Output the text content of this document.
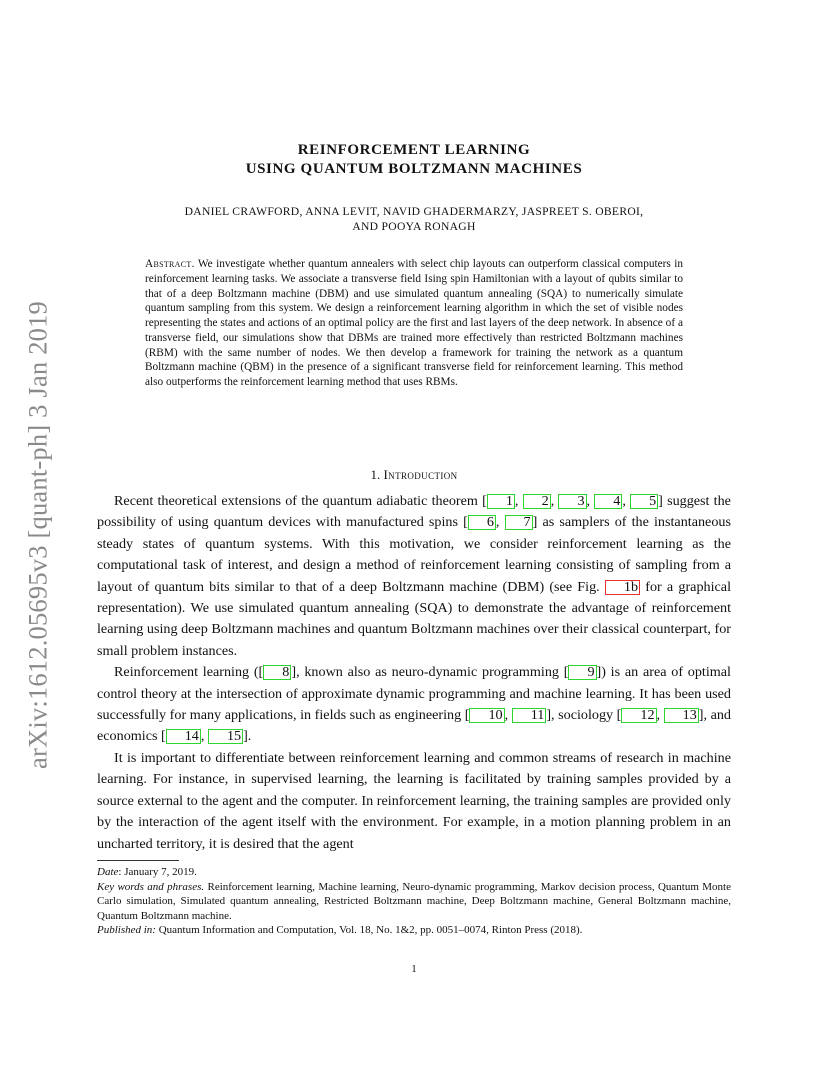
arXiv:1612.05695v3 [quant-ph] 3 Jan 2019
REINFORCEMENT LEARNING
USING QUANTUM BOLTZMANN MACHINES
DANIEL CRAWFORD, ANNA LEVIT, NAVID GHADERMARZY, JASPREET S. OBEROI,
AND POOYA RONAGH
Abstract. We investigate whether quantum annealers with select chip layouts can outperform classical computers in reinforcement learning tasks. We associate a transverse field Ising spin Hamiltonian with a layout of qubits similar to that of a deep Boltzmann machine (DBM) and use simulated quantum annealing (SQA) to numerically simulate quantum sampling from this system. We design a reinforcement learning algorithm in which the set of visible nodes representing the states and actions of an optimal policy are the first and last layers of the deep network. In absence of a transverse field, our simulations show that DBMs are trained more effectively than restricted Boltzmann machines (RBM) with the same number of nodes. We then develop a framework for training the network as a quantum Boltzmann machine (QBM) in the presence of a significant transverse field for reinforcement learning. This method also outperforms the reinforcement learning method that uses RBMs.
1. Introduction

Recent theoretical extensions of the quantum adiabatic theorem [ 1 , 2 , 3 , 4 , 5 ] suggest the possibility of using quantum devices with manufactured spins [ 6 , 7 ] as samplers of the instantaneous steady states of quantum systems. With this motivation, we consider reinforcement learning as the computational task of interest, and design a method of reinforcement learning consisting of sampling from a layout of quantum bits similar to that of a deep Boltzmann machine (DBM) (see Fig. 1b for a graphical representation). We use simulated quantum annealing (SQA) to demonstrate the advantage of reinforcement learning using deep Boltzmann machines and quantum Boltzmann machines over their classical counterpart, for small problem instances.

Reinforcement learning ([ 8 ], known also as neuro-dynamic programming [ 9 ]) is an area of optimal control theory at the intersection of approximate dynamic programming and machine learning. It has been used successfully for many applications, in fields such as engineering [ 10 , 11 ], sociology [ 12 , 13 ], and economics [ 14 , 15 ].

It is important to differentiate between reinforcement learning and common streams of research in machine learning. For instance, in supervised learning, the learning is facilitated by training samples provided by a source external to the agent and the computer. In reinforcement learning, the training samples are provided only by the interaction of the agent itself with the environment. For example, in a motion planning problem in an uncharted territory, it is desired that the agent

Date: January 7, 2019.

Key words and phrases. Reinforcement learning, Machine learning, Neuro-dynamic programming, Markov decision process, Quantum Monte Carlo simulation, Simulated quantum annealing, Restricted Boltzmann machine, Deep Boltzmann machine, General Boltzmann machine, Quantum Boltzmann machine.

Published in: Quantum Information and Computation, Vol. 18, No. 1&2, pp. 0051–0074, Rinton Press (2018).

1
